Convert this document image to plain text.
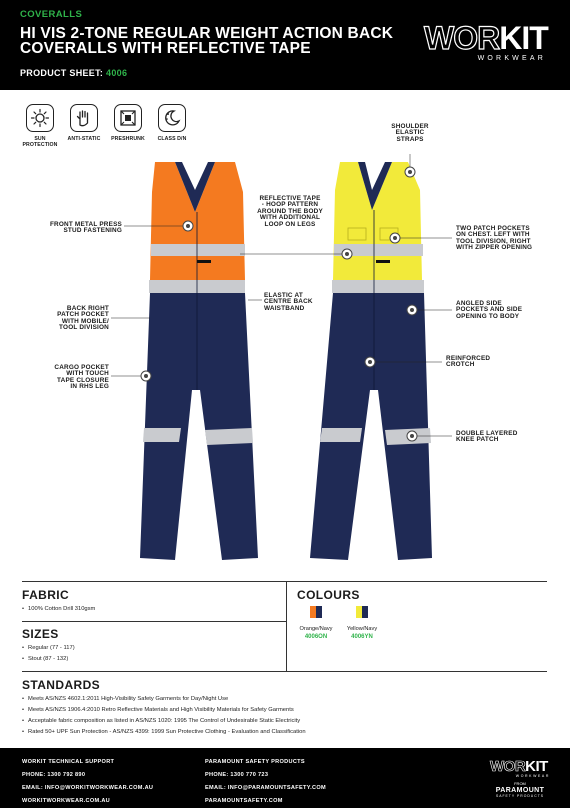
COVERALLS
HI VIS 2-TONE REGULAR WEIGHT ACTION BACK COVERALLS WITH REFLECTIVE TAPE
PRODUCT SHEET: 4006
WORKIT
WORKWEAR
SUN
PROTECTION
ANTI-STATIC PRESHRUNK CLASS D/N
FRONT METAL PRESS
STUD FASTENING
BACK RIGHT
PATCH POCKET
WITH MOBILE/
TOOL DIVISION
CARGO POCKET
WITH TOUCH
TAPE CLOSURE
IN RHS LEG
REFLECTIVE TAPE
- HOOP PATTERN
AROUND THE BODY
WITH ADDITIONAL
LOOP ON LEGS
ELASTIC AT
CENTRE BACK
WAISTBAND
SHOULDER
ELASTIC
STRAPS
TWO PATCH POCKETS
ON CHEST. LEFT WITH
TOOL DIVISION, RIGHT
WITH ZIPPER OPENING
ANGLED SIDE
POCKETS AND SIDE
OPENING TO BODY
REINFORCED
CROTCH
DOUBLE LAYERED
KNEE PATCH
FABRIC
• 100% Cotton Drill 310gsm
SIZES
• Regular (77 - 117)
• Stout (87 - 132)
COLOURS
Orange/Navy
4006ON
Yellow/Navy
4006YN
STANDARDS
• Meets AS/NZS 4602.1:2011 High-Visibility Safety Garments for Day/Night Use
• Meets AS/NZS 1906.4:2010 Retro Reflective Materials and High Visibility Materials for Safety Garments
• Acceptable fabric composition as listed in AS/NZS 1020: 1995 The Control of Undesirable Static Electricity
• Rated 50+ UPF Sun Protection - AS/NZS 4399: 1999 Sun Protective Clothing - Evaluation and Classification
WORKIT TECHNICAL SUPPORT
PHONE: 1300 792 890
EMAIL: INFO@WORKITWORKWEAR.COM.AU
WORKITWORKWEAR.COM.AU
PARAMOUNT SAFETY PRODUCTS
PHONE: 1300 770 723
EMAIL: INFO@PARAMOUNTSAFETY.COM
PARAMOUNTSAFETY.COM
WORKIT
WORKWEAR
FROM
PARAMOUNT
SAFETY PRODUCTS
